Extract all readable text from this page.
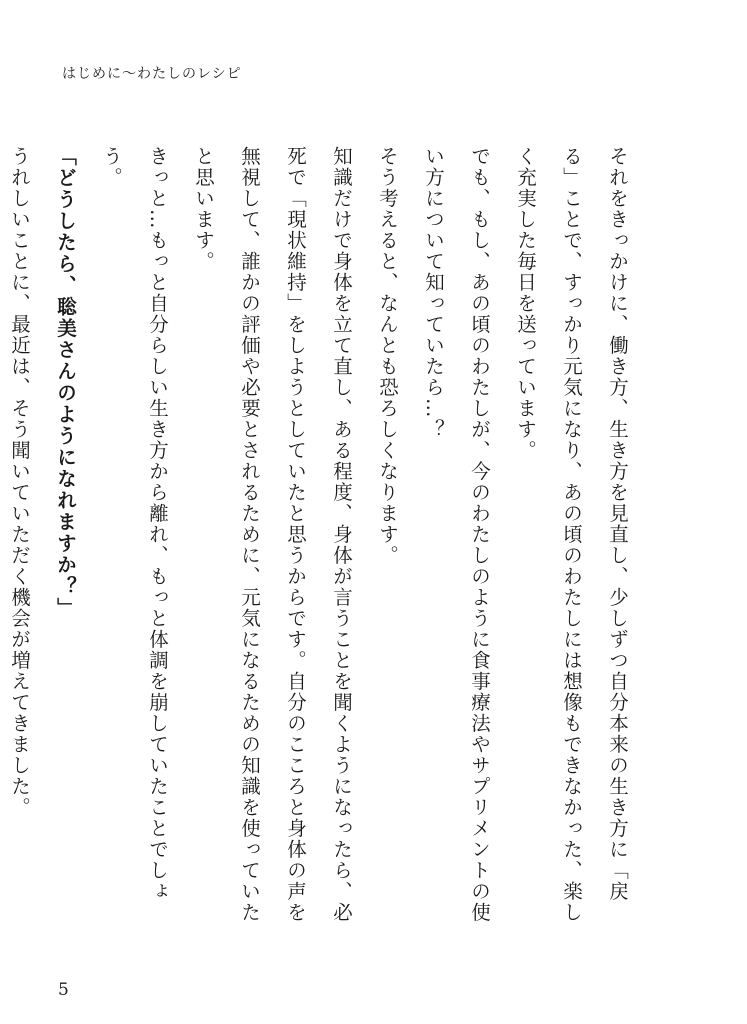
はじめに〜わたしのレシピ

それをきっかけに、働き方、生き方を見直し、少しずつ自分本来の生き方に「戻る」ことで、すっかり元気になり、あの頃のわたしには想像もできなかった、楽しく充実した毎日を送っています。

でも、もし、あの頃のわたしが、今のわたしのように食事療法やサプリメントの使い方について知っていたら…？

そう考えると、なんとも恐ろしくなります。

知識だけで身体を立て直し、ある程度、身体が言うことを聞くようになったら、必死で「現状維持」をしようとしていたと思うからです。自分のこころと身体の声を無視して、誰かの評価や必要とされるために、元気になるための知識を使っていたと思います。

きっと…もっと自分らしい生き方から離れ、もっと体調を崩していたことでしょう。

「どうしたら、聡美さんのようになれますか？」

うれしいことに、最近は、そう聞いていただく機会が増えてきました。

5
